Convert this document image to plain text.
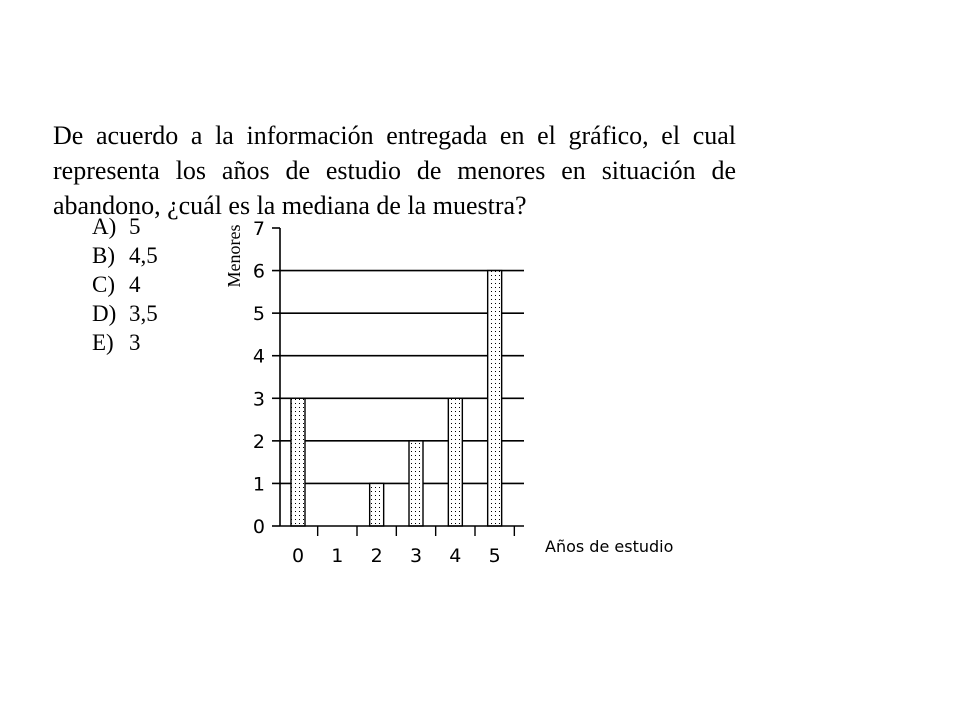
De acuerdo a la información entregada en el gráfico, el cual representa los años de estudio de menores en situación de abandono, ¿cuál es la mediana de la muestra?

A) 5
B) 4,5
C) 4
D) 3,5
E) 3
0
1
2
3
4
5
6
7
0 1 2 3 4 5
Menores
Años de estudio
